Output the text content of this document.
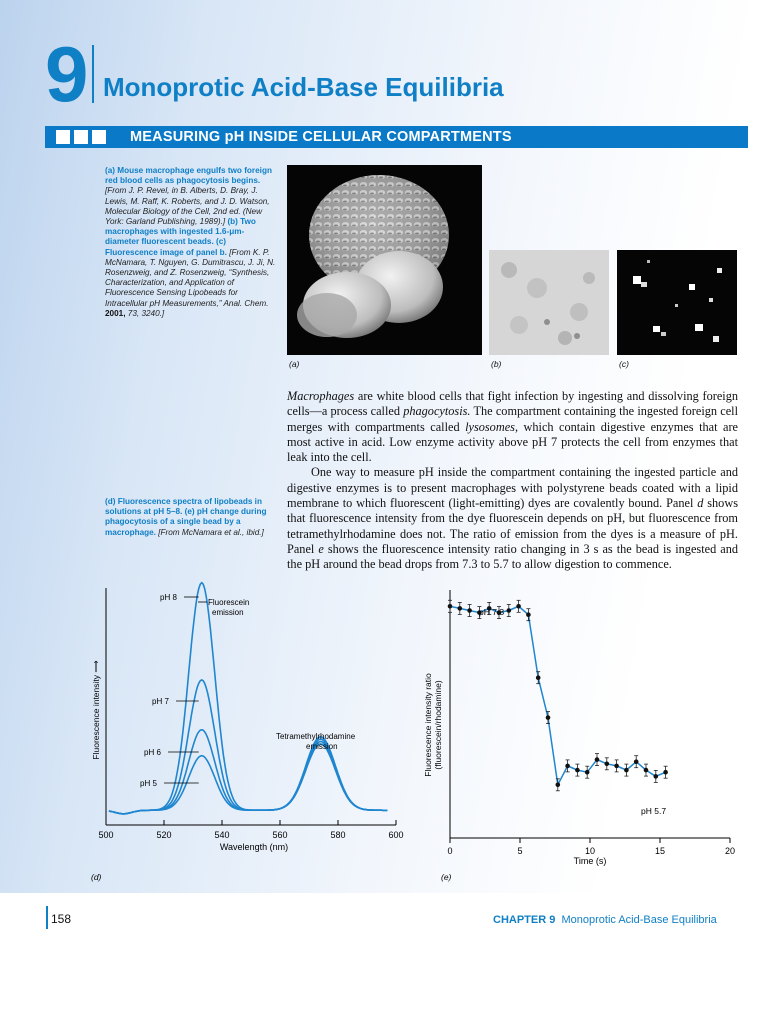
9 Monoprotic Acid-Base Equilibria
MEASURING pH INSIDE CELLULAR COMPARTMENTS
(a) Mouse macrophage engulfs two foreign red blood cells as phagocytosis begins. [From J. P. Revel, in B. Alberts, D. Bray, J. Lewis, M. Raff, K. Roberts, and J. D. Watson, Molecular Biology of the Cell, 2nd ed. (New York: Garland Publishing, 1989).] (b) Two macrophages with ingested 1.6-μm-diameter fluorescent beads. (c) Fluorescence image of panel b. [From K. P. McNamara, T. Nguyen, G. Dumitrascu, J. Ji, N. Rosenzweig, and Z. Rosenzweig, “Synthesis, Characterization, and Application of Fluorescence Sensing Lipobeads for Intracellular pH Measurements,” Anal. Chem. 2001, 73, 3240.]
(a)	(b)	(c)

Macrophages are white blood cells that fight infection by ingesting and dissolving foreign cells—a process called phagocytosis. The compartment containing the ingested foreign cell merges with compartments called lysosomes, which contain digestive enzymes that are most active in acid. Low enzyme activity above pH 7 protects the cell from enzymes that leak into the cell.

One way to measure pH inside the compartment containing the ingested particle and digestive enzymes is to present macrophages with polystyrene beads coated with a lipid membrane to which fluorescent (light-emitting) dyes are covalently bound. Panel d shows that fluorescence intensity from the dye fluorescein depends on pH, but fluorescence from tetramethylrhodamine does not. The ratio of emission from the dyes is a measure of pH. Panel e shows the fluorescence intensity ratio changing in 3 s as the bead is ingested and the pH around the bead drops from 7.3 to 5.7 to allow digestion to commence.

(d) Fluorescence spectra of lipobeads in solutions at pH 5–8. (e) pH change during phagocytosis of a single bead by a macrophage. [From McNamara et al., ibid.]
500	520	540	560	580	600
Wavelength (nm)
Fluorescence intensity ⟶
Fluorescein
emission
Tetramethylrhodamine
emission
pH 8
pH 7
pH 6
pH 5
(d)
0	5	10	15	20
Time (s)
Fluorescence intensity ratio (fluorescein/rhodamine)
pH 7.3
pH 5.7
(e)
158	CHAPTER 9 Monoprotic Acid-Base Equilibria
